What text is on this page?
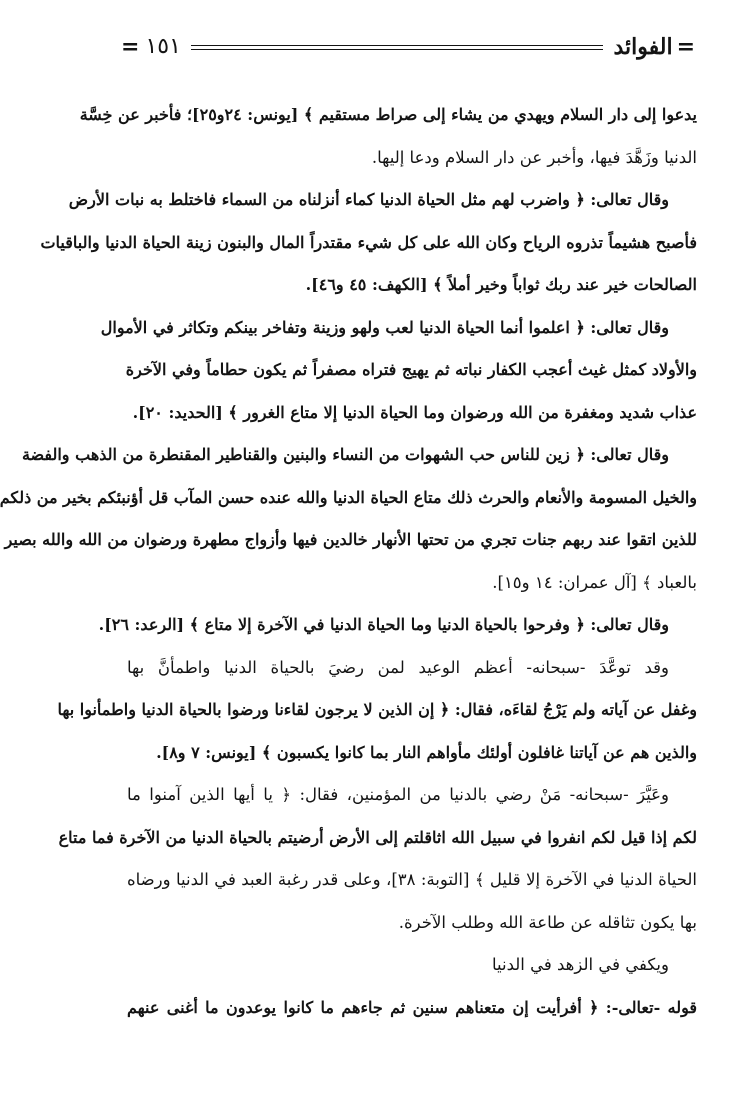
=
الفوائد
١٥١
=
يدعوا إلى دار السلام ويهدي من يشاء إلى صراط مستقيم ﴾ [يونس: ٢٤و٢٥]؛ فأخبر عن خِسَّة
الدنيا وزَهَّدَ فيها، وأخبر عن دار السلام ودعا إليها.
وقال تعالى: ﴿ واضرب لهم مثل الحياة الدنيا كماء أنزلناه من السماء فاختلط به نبات الأرض
فأصبح هشيماً تذروه الرياح وكان الله على كل شيء مقتدراً المال والبنون زينة الحياة الدنيا والباقيات
الصالحات خير عند ربك ثواباً وخير أملاً ﴾ [الكهف: ٤٥ و٤٦].
وقال تعالى: ﴿ اعلموا أنما الحياة الدنيا لعب ولهو وزينة وتفاخر بينكم وتكاثر في الأموال
والأولاد كمثل غيث أعجب الكفار نباته ثم يهيج فتراه مصفراً ثم يكون حطاماً وفي الآخرة
عذاب شديد ومغفرة من الله ورضوان وما الحياة الدنيا إلا متاع الغرور ﴾ [الحديد: ٢٠].
وقال تعالى: ﴿ زين للناس حب الشهوات من النساء والبنين والقناطير المقنطرة من الذهب والفضة
والخيل المسومة والأنعام والحرث ذلك متاع الحياة الدنيا والله عنده حسن المآب قل أؤنبئكم بخير من ذلكم
للذين اتقوا عند ربهم جنات تجري من تحتها الأنهار خالدين فيها وأزواج مطهرة ورضوان من الله والله بصير
بالعباد ﴾ [آل عمران: ١٤ و١٥].
وقال تعالى: ﴿ وفرحوا بالحياة الدنيا وما الحياة الدنيا في الآخرة إلا متاع ﴾ [الرعد: ٢٦].
وقد توعَّدَ -سبحانه- أعظم الوعيد لمن رضيَ بالحياة الدنيا واطمأنَّ بها
وغفل عن آياته ولم يَرْجُ لقاءَه، فقال: ﴿ إن الذين لا يرجون لقاءنا ورضوا بالحياة الدنيا واطمأنوا بها
والذين هم عن آياتنا غافلون أولئك مأواهم النار بما كانوا يكسبون ﴾ [يونس: ٧ و٨].
وعَيَّرَ -سبحانه- مَنْ رضي بالدنيا من المؤمنين، فقال: ﴿ يا أيها الذين آمنوا ما
لكم إذا قيل لكم انفروا في سبيل الله اثاقلتم إلى الأرض أرضيتم بالحياة الدنيا من الآخرة فما متاع
الحياة الدنيا في الآخرة إلا قليل ﴾ [التوبة: ٣٨]، وعلى قدر رغبة العبد في الدنيا ورضاه
بها يكون تثاقله عن طاعة الله وطلب الآخرة.
ويكفي في الزهد في الدنيا
قوله -تعالى-: ﴿ أفرأيت إن متعناهم سنين ثم جاءهم ما كانوا يوعدون ما أغنى عنهم
